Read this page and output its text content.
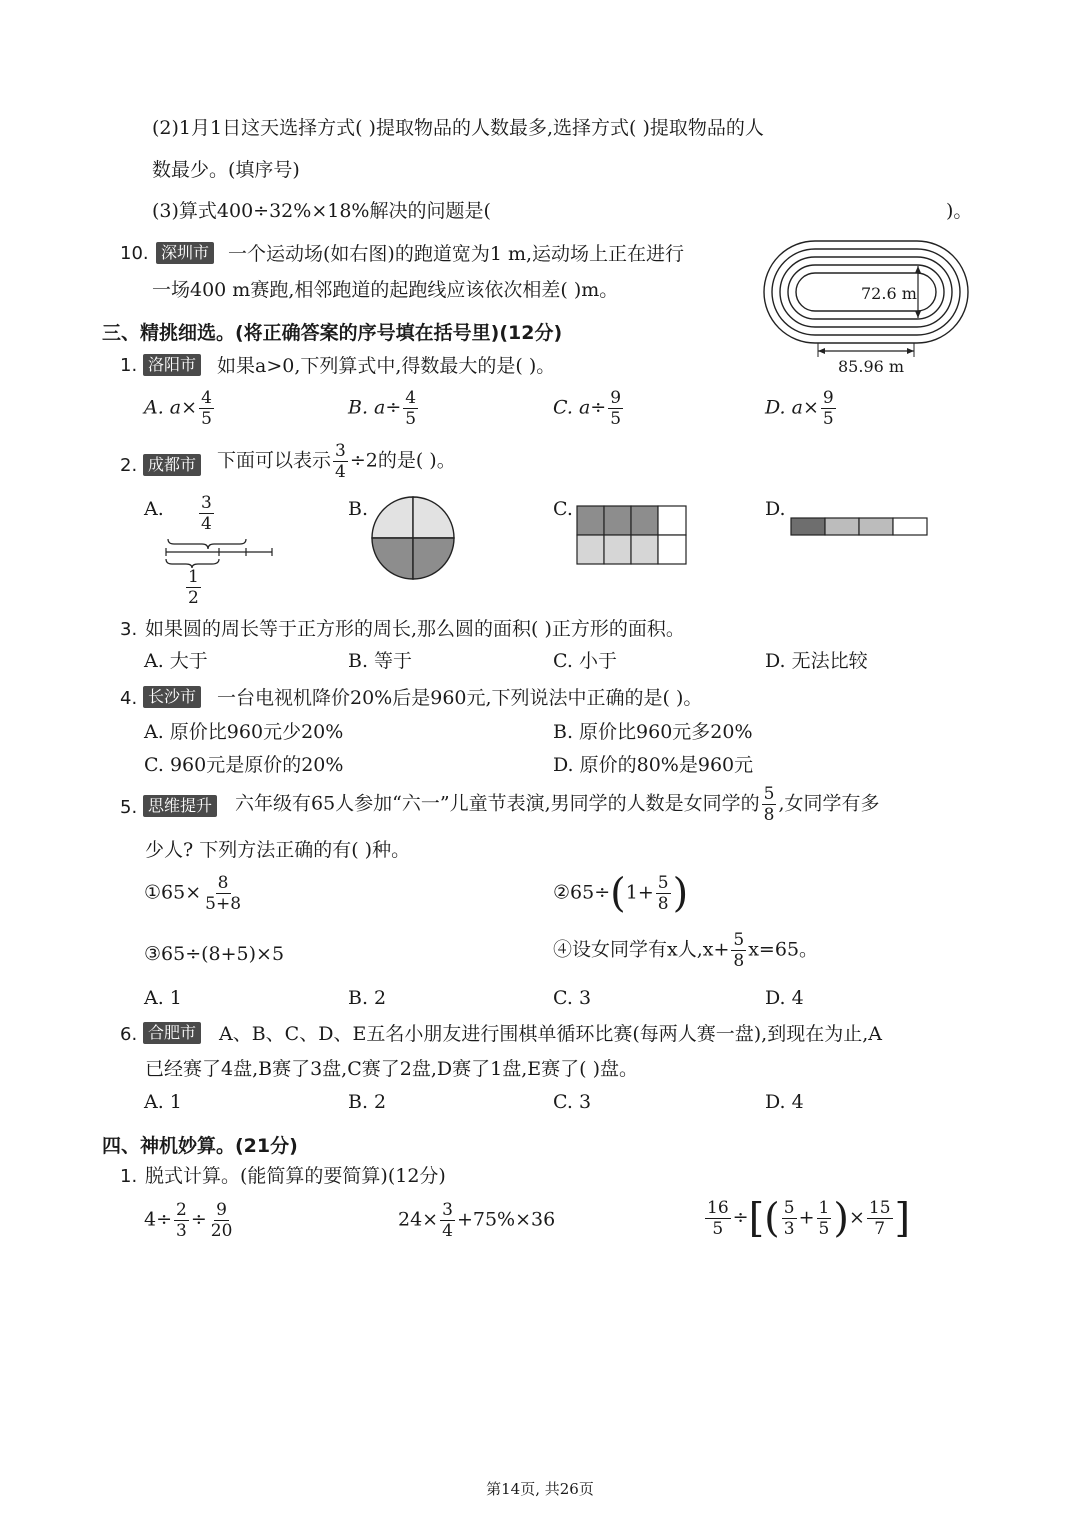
(2)1月1日这天选择方式( )提取物品的人数最多,选择方式( )提取物品的人
数最少。(填序号)
(3)算式400÷32%×18%解决的问题是(	)。
10. 深圳市 一个运动场(如右图)的跑道宽为1 m,运动场上正在进行
一场400 m赛跑,相邻跑道的起跑线应该依次相差( )m。	72.6 m
85.96 m
三、精挑细选。(将正确答案的序号填在括号里)(12分)
1. 洛阳市 如果a>0,下列算式中,得数最大的是( )。
A. $a\times \frac{4}{5}$	B. $a\div \frac{4}{5}$	C. $a\div \frac{9}{5}$	D. $a\times \frac{9}{5}$
2. 成都市 下面可以表示 $\frac{3}{4} \div 2$的是( )。
A.	B.	C.	D.
$\frac{3}{4}$
$\frac{1}{2}$
3. 如果圆的周长等于正方形的周长,那么圆的面积( )正方形的面积。
A. 大于	B. 等于	C. 小于	D. 无法比较
4. 长沙市 一台电视机降价20%后是960元,下列说法中正确的是( )。
A. 原价比960元少20%	B. 原价比960元多20%
C. 960元是原价的20%	D. 原价的80%是960元
5. 思维提升 六年级有65人参加“六一”儿童节表演,男同学的人数是女同学的 $\frac{5}{8}$ ,女同学有多
少人? 下列方法正确的有( )种。
①65× $\frac{8}{5+8}$	②65÷(1+ $\frac{5}{8}$ )
③65÷(8+5)×5	④设女同学有x人$,x+ \frac{5}{8} x=65$。
A. 1	B. 2	C. 3	D. 4
6. 合肥市 A、B、C、D、E五名小朋友进行围棋单循环比赛(每两人赛一盘),到现在为止,A
已经赛了4盘,B赛了3盘,C赛了2盘,D赛了1盘,E赛了( )盘。
A. 1	B. 2	C. 3	D. 4
四、神机妙算。(21分)
1. 脱式计算。(能简算的要简算)(12分)
$4\div \frac{2}{3} \div \frac{9}{20}$	$24\times \frac{3}{4} +75\%\times 36$	$\frac{16}{5}$ ÷[( $\frac{5}{3} + \frac{1}{5}$ )× $\frac{15}{7}$ ]
第14页, 共26页
